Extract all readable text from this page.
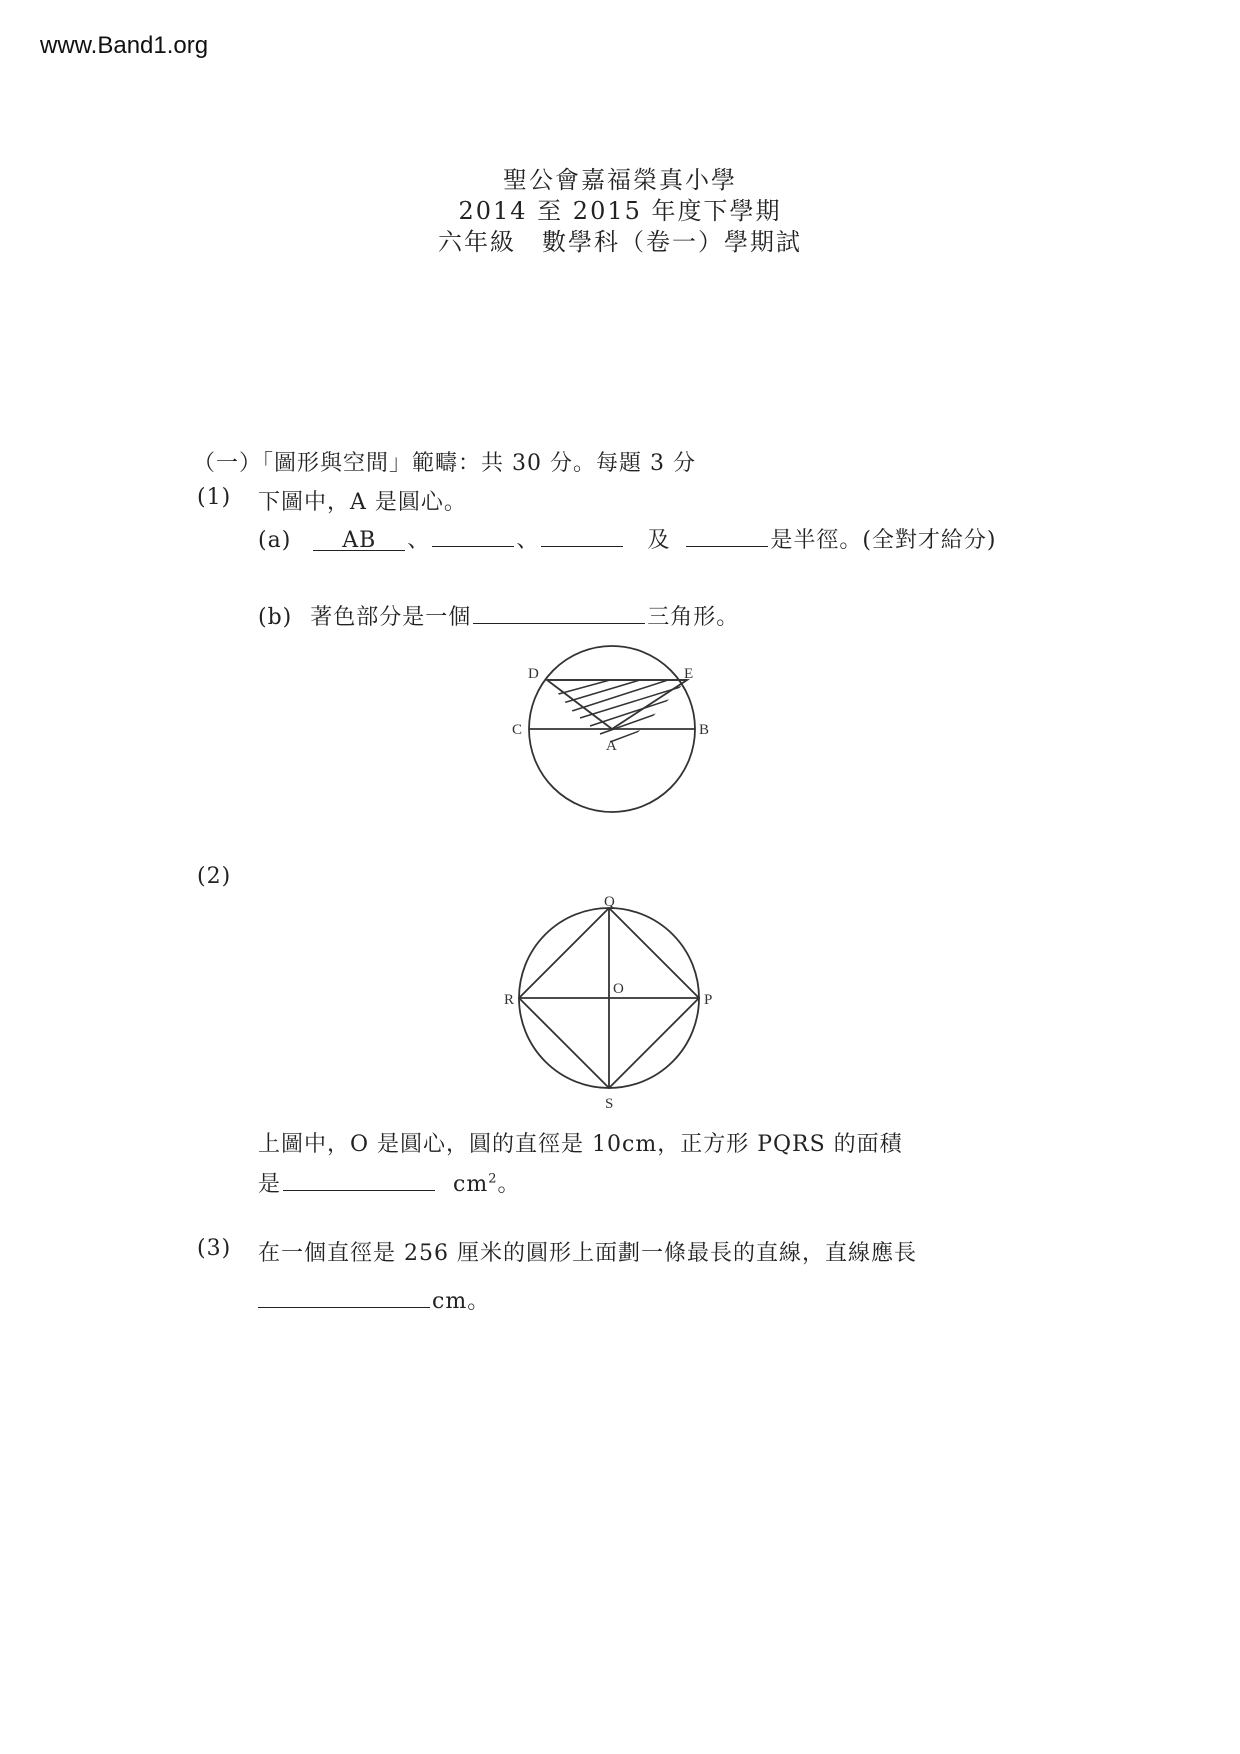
www.Band1.org
聖公會嘉福榮真小學
2014 至 2015 年度下學期
六年級　數學科（卷一）學期試
（一）「圖形與空間」範疇：共 30 分。每題 3 分
(1) 下圖中，A 是圓心。
(a) AB 、	、	及	是半徑。(全對才給分)
(b) 著色部分是一個	三角形。
D	E
C	B
A
Q
R
O
P
S
(2)
上圖中，O 是圓心，圓的直徑是 10cm，正方形 PQRS 的面積
是	$cm^2$。
(3) 在一個直徑是 256 厘米的圓形上面劃一條最長的直線，直線應長
cm。
